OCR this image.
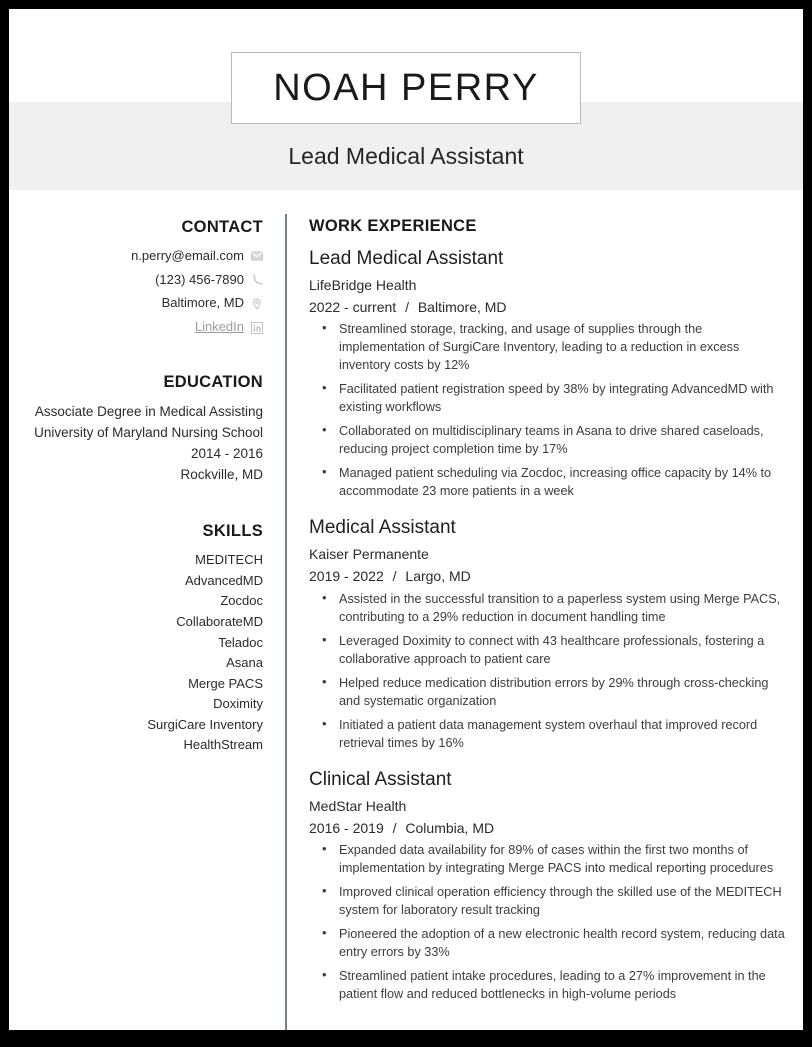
NOAH PERRY
Lead Medical Assistant
CONTACT
n.perry@email.com
(123) 456-7890
Baltimore, MD
LinkedIn
EDUCATION
Associate Degree in Medical Assisting
University of Maryland Nursing School
2014 - 2016
Rockville, MD
SKILLS
MEDITECH
AdvancedMD
Zocdoc
CollaborateMD
Teladoc
Asana
Merge PACS
Doximity
SurgiCare Inventory
HealthStream
WORK EXPERIENCE
Lead Medical Assistant
LifeBridge Health
2022 - current / Baltimore, MD
• Streamlined storage, tracking, and usage of supplies through the implementation of SurgiCare Inventory, leading to a reduction in excess inventory costs by 12%
• Facilitated patient registration speed by 38% by integrating AdvancedMD with existing workflows
• Collaborated on multidisciplinary teams in Asana to drive shared caseloads, reducing project completion time by 17%
• Managed patient scheduling via Zocdoc, increasing office capacity by 14% to accommodate 23 more patients in a week
Medical Assistant
Kaiser Permanente
2019 - 2022 / Largo, MD
• Assisted in the successful transition to a paperless system using Merge PACS, contributing to a 29% reduction in document handling time
• Leveraged Doximity to connect with 43 healthcare professionals, fostering a collaborative approach to patient care
• Helped reduce medication distribution errors by 29% through cross-checking and systematic organization
• Initiated a patient data management system overhaul that improved record retrieval times by 16%
Clinical Assistant
MedStar Health
2016 - 2019 / Columbia, MD
• Expanded data availability for 89% of cases within the first two months of implementation by integrating Merge PACS into medical reporting procedures
• Improved clinical operation efficiency through the skilled use of the MEDITECH system for laboratory result tracking
• Pioneered the adoption of a new electronic health record system, reducing data entry errors by 33%
• Streamlined patient intake procedures, leading to a 27% improvement in the patient flow and reduced bottlenecks in high-volume periods
